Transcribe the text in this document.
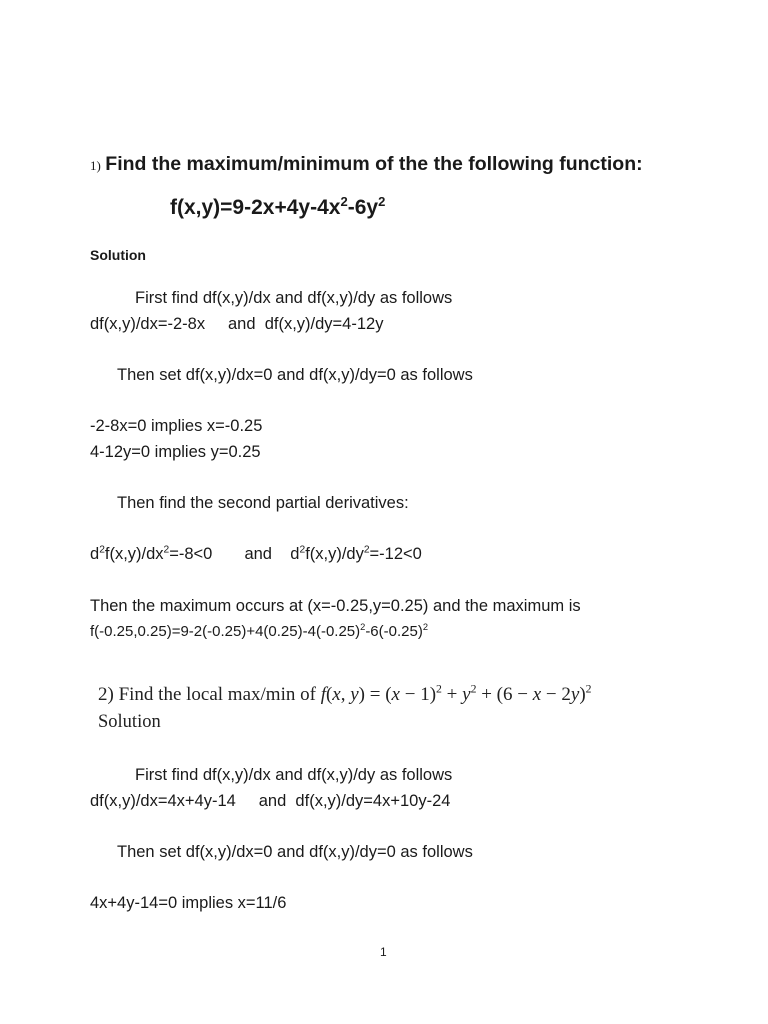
1) Find the maximum/minimum of the the following function:
$f(x,y)=9-2x+4y-4x^2-6y^2$
Solution
First find df(x,y)/dx and df(x,y)/dy as follows
df(x,y)/dx=-2-8x     and  df(x,y)/dy=4-12y
Then set df(x,y)/dx=0 and df(x,y)/dy=0 as follows
-2-8x=0 implies x=-0.25
4-12y=0 implies y=0.25
Then find the second partial derivatives:
$d^2f(x,y)/dx^2=-8<0$       and    $d^2f(x,y)/dy^2=-12<0$
Then the maximum occurs at (x=-0.25,y=0.25) and the maximum is
$f(-0.25,0.25)=9-2(-0.25)+4(0.25)-4(-0.25)^2-6(-0.25)^2$
2) Find the local max/min of f(x, $y) = (x - 1)^2 + y^2 + (6 - x - 2y)^2$
Solution
First find df(x,y)/dx and df(x,y)/dy as follows
df(x,y)/dx=4x+4y-14     and  df(x,y)/dy=4x+10y-24
Then set df(x,y)/dx=0 and df(x,y)/dy=0 as follows
4x+4y-14=0 implies x=11/6
1
